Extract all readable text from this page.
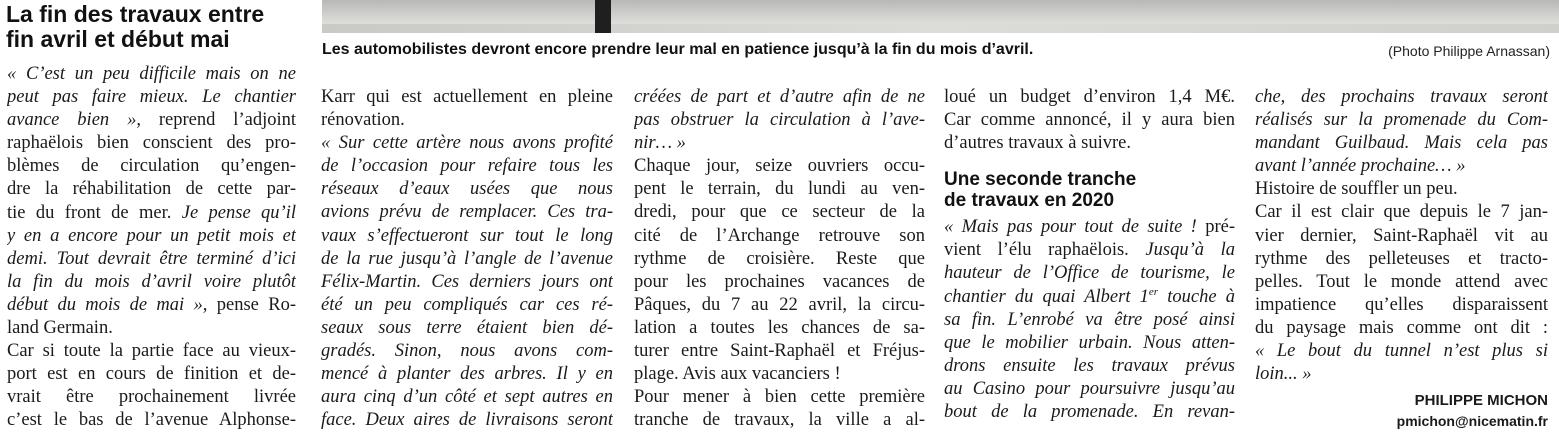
La fin des travaux entre
fin avril et début mai	Les automobilistes devront encore prendre leur mal en patience jusqu’à la fin du mois d’avril.	(Photo Philippe Arnassan)
« C’est un peu difficile mais on ne
peut pas faire mieux. Le chantier
avance bien », reprend l’adjoint
raphaëlois bien conscient des pro-
blèmes de circulation qu’engen-
dre la réhabilitation de cette par-
tie du front de mer. Je pense qu’il
y en a encore pour un petit mois et
demi. Tout devrait être terminé d’ici
la fin du mois d’avril voire plutôt
début du mois de mai », pense Ro-
land Germain.
Car si toute la partie face au vieux-
port est en cours de finition et de-
vrait être prochainement livrée
c’est le bas de l’avenue Alphonse-
Karr qui est actuellement en pleine
rénovation.
« Sur cette artère nous avons profité
de l’occasion pour refaire tous les
réseaux d’eaux usées que nous
avions prévu de remplacer. Ces tra-
vaux s’effectueront sur tout le long
de la rue jusqu’à l’angle de l’avenue
Félix-Martin. Ces derniers jours ont
été un peu compliqués car ces ré-
seaux sous terre étaient bien dé-
gradés. Sinon, nous avons com-
mencé à planter des arbres. Il y en
aura cinq d’un côté et sept autres en
face. Deux aires de livraisons seront
créées de part et d’autre afin de ne
pas obstruer la circulation à l’ave-
nir… »
Chaque jour, seize ouvriers occu-
pent le terrain, du lundi au ven-
dredi, pour que ce secteur de la
cité de l’Archange retrouve son
rythme de croisière. Reste que
pour les prochaines vacances de
Pâques, du 7 au 22 avril, la circu-
lation a toutes les chances de sa-
turer entre Saint-Raphaël et Fréjus-
plage. Avis aux vacanciers !
Pour mener à bien cette première
tranche de travaux, la ville a al-
loué un budget d’environ 1,4 M€.
Car comme annoncé, il y aura bien
d’autres travaux à suivre.
Une seconde tranche
de travaux en 2020
« Mais pas pour tout de suite ! pré-
vient l’élu raphaëlois. Jusqu’à la
hauteur de l’Office de tourisme, le
chantier du quai Albert 1er touche à
sa fin. L’enrobé va être posé ainsi
que le mobilier urbain. Nous atten-
drons ensuite les travaux prévus
au Casino pour poursuivre jusqu’au
bout de la promenade. En revan-
che, des prochains travaux seront
réalisés sur la promenade du Com-
mandant Guilbaud. Mais cela pas
avant l’année prochaine… »
Histoire de souffler un peu.
Car il est clair que depuis le 7 jan-
vier dernier, Saint-Raphaël vit au
rythme des pelleteuses et tracto-
pelles. Tout le monde attend avec
impatience qu’elles disparaissent
du paysage mais comme ont dit :
« Le bout du tunnel n’est plus si
loin... »
PHILIPPE MICHON
pmichon@nicematin.fr
